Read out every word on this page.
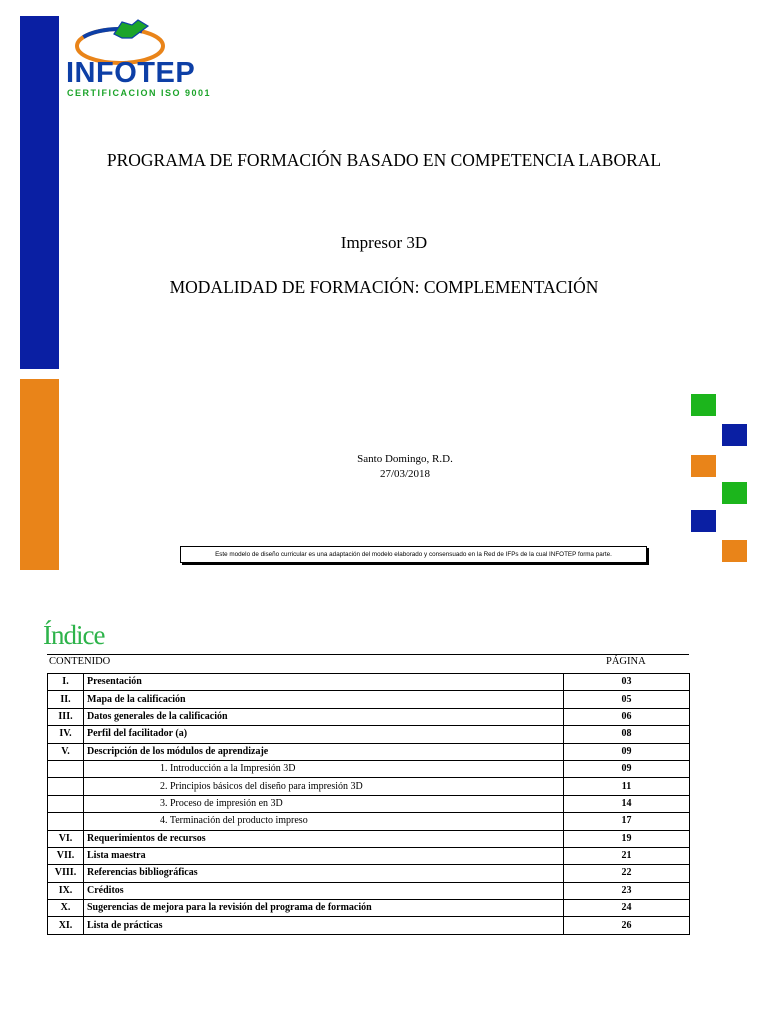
INFOTEP
CERTIFICACION ISO 9001
PROGRAMA DE FORMACIÓN BASADO EN COMPETENCIA LABORAL
Impresor 3D
MODALIDAD DE FORMACIÓN: COMPLEMENTACIÓN
Santo Domingo, R.D.
27/03/2018
Este modelo de diseño curricular es una adaptación del modelo elaborado y consensuado en la Red de IFPs de la cual INFOTEP forma parte.
Índice
CONTENIDO	PÁGINA
I.	Presentación	03
II.	Mapa de la calificación	05
III.	Datos generales de la calificación	06
IV.	Perfil del facilitador (a)	08
V.	Descripción de los módulos de aprendizaje	09
	1. Introducción a la Impresión 3D	09
	2. Principios básicos del diseño para impresión 3D	11
	3. Proceso de impresión en 3D	14
	4. Terminación del producto impreso	17
VI.	Requerimientos de recursos	19
VII.	Lista maestra	21
VIII.	Referencias bibliográficas	22
IX.	Créditos	23
X.	Sugerencias de mejora para la revisión del programa de formación	24
XI.	Lista de prácticas	26
